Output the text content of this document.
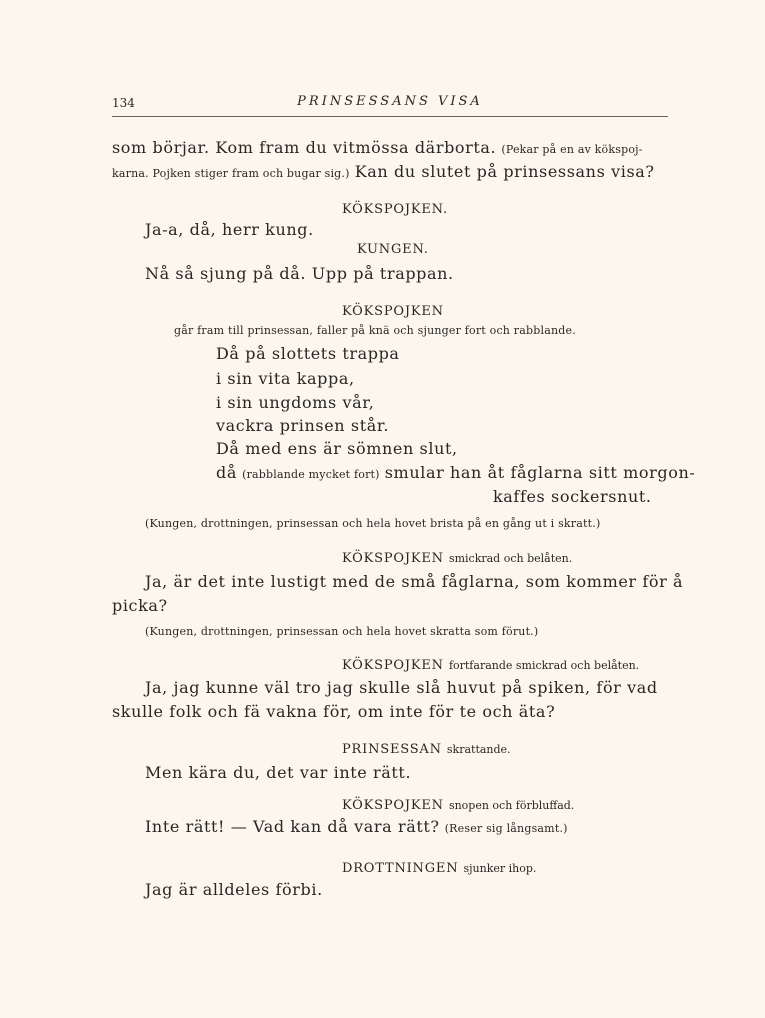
134	PRINSESSANS VISA
som börjar. Kom fram du vitmössa därborta. (Pekar på en av kökspoj-
karna. Pojken stiger fram och bugar sig.) Kan du slutet på prinsessans visa?
KÖKSPOJKEN.
Ja-a, då, herr kung.
KUNGEN.
Nå så sjung på då. Upp på trappan.
KÖKSPOJKEN
går fram till prinsessan, faller på knä och sjunger fort och rabblande.
Då på slottets trappa
i sin vita kappa,
i sin ungdoms vår,
vackra prinsen står.
Då med ens är sömnen slut,
då (rabblande mycket fort) smular han åt fåglarna sitt morgon-
kaffes sockersnut.
(Kungen, drottningen, prinsessan och hela hovet brista på en gång ut i skratt.)
KÖKSPOJKEN smickrad och belåten.
Ja, är det inte lustigt med de små fåglarna, som kommer för å
picka?
(Kungen, drottningen, prinsessan och hela hovet skratta som förut.)
KÖKSPOJKEN fortfarande smickrad och belåten.
Ja, jag kunne väl tro jag skulle slå huvut på spiken, för vad
skulle folk och fä vakna för, om inte för te och äta?
PRINSESSAN skrattande.
Men kära du, det var inte rätt.
KÖKSPOJKEN snopen och förbluffad.
Inte rätt! — Vad kan då vara rätt? (Reser sig långsamt.)
DROTTNINGEN sjunker ihop.
Jag är alldeles förbi.
